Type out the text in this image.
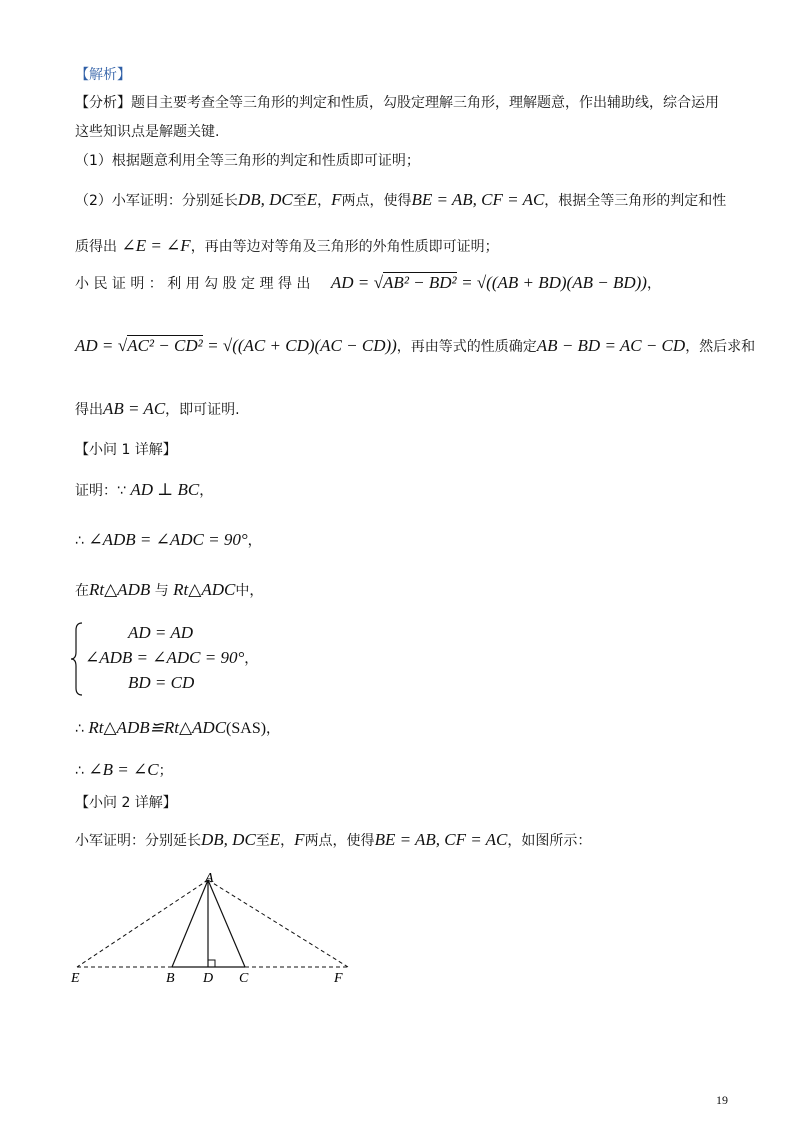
【解析】
【分析】题目主要考查全等三角形的判定和性质，勾股定理解三角形，理解题意，作出辅助线，综合运用
这些知识点是解题关键.
（1）根据题意利用全等三角形的判定和性质即可证明；
（2）小军证明：分别延长DB, DC至E，F两点，使得BE = AB, CF = AC，根据全等三角形的判定和性
质得出 ∠E = ∠F，再由等边对等角及三角形的外角性质即可证明；
小 民 证 明 ： 利 用 勾 股 定 理 得 出 AD = √AB² − BD² = √((AB + BD)(AB − BD))，
AD = √AC² − CD² = √((AC + CD)(AC − CD))，再由等式的性质确定AB − BD = AC − CD，然后求和
得出AB = AC，即可证明.
【小问 1 详解】
证明：∵ AD ⊥ BC，
∴ ∠ADB = ∠ADC = 90°，
在Rt△ADB 与 Rt△ADC中，
AD = AD
∠ADB = ∠ADC = 90°，
BD = CD
∴ Rt△ADB≌Rt△ADC(SAS)，
∴ ∠B = ∠C；
【小问 2 详解】
小军证明：分别延长DB, DC至E，F两点，使得BE = AB, CF = AC，如图所示：
A
E	B D C	F
19
